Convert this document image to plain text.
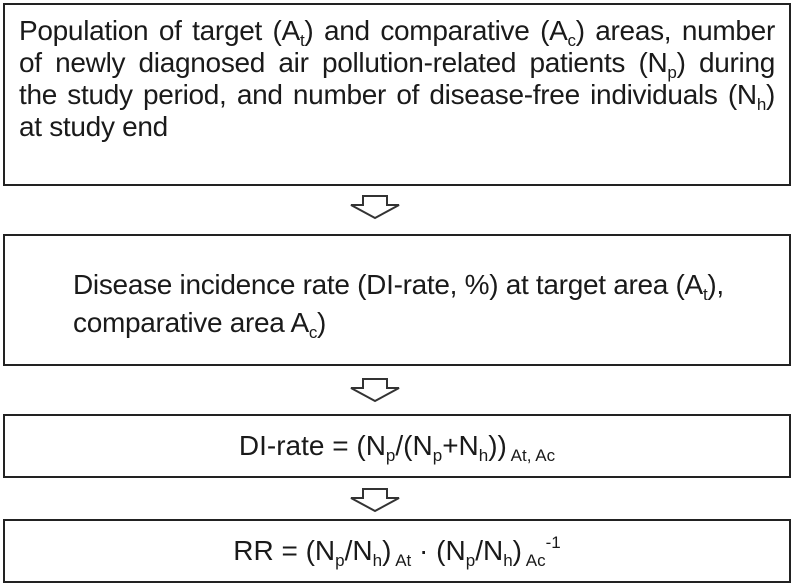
Population of target $(A_t)$ and comparative $(A_c)$ areas, number of newly diagnosed air pollution-related patients $(N_p)$ during the study period, and number of disease-free individuals $(N_h)$ at study end
Disease incidence rate (DI-rate, %) at target area $(A_t)$,
comparative area $A_c$)
DI-rate = $(N_p/(N_p+N_h))$ $_{At, Ac}$
RR = $(N_p/N_h) _{At} \cdot (N_p/N_h)$ $_{Ac}^{-1}$
